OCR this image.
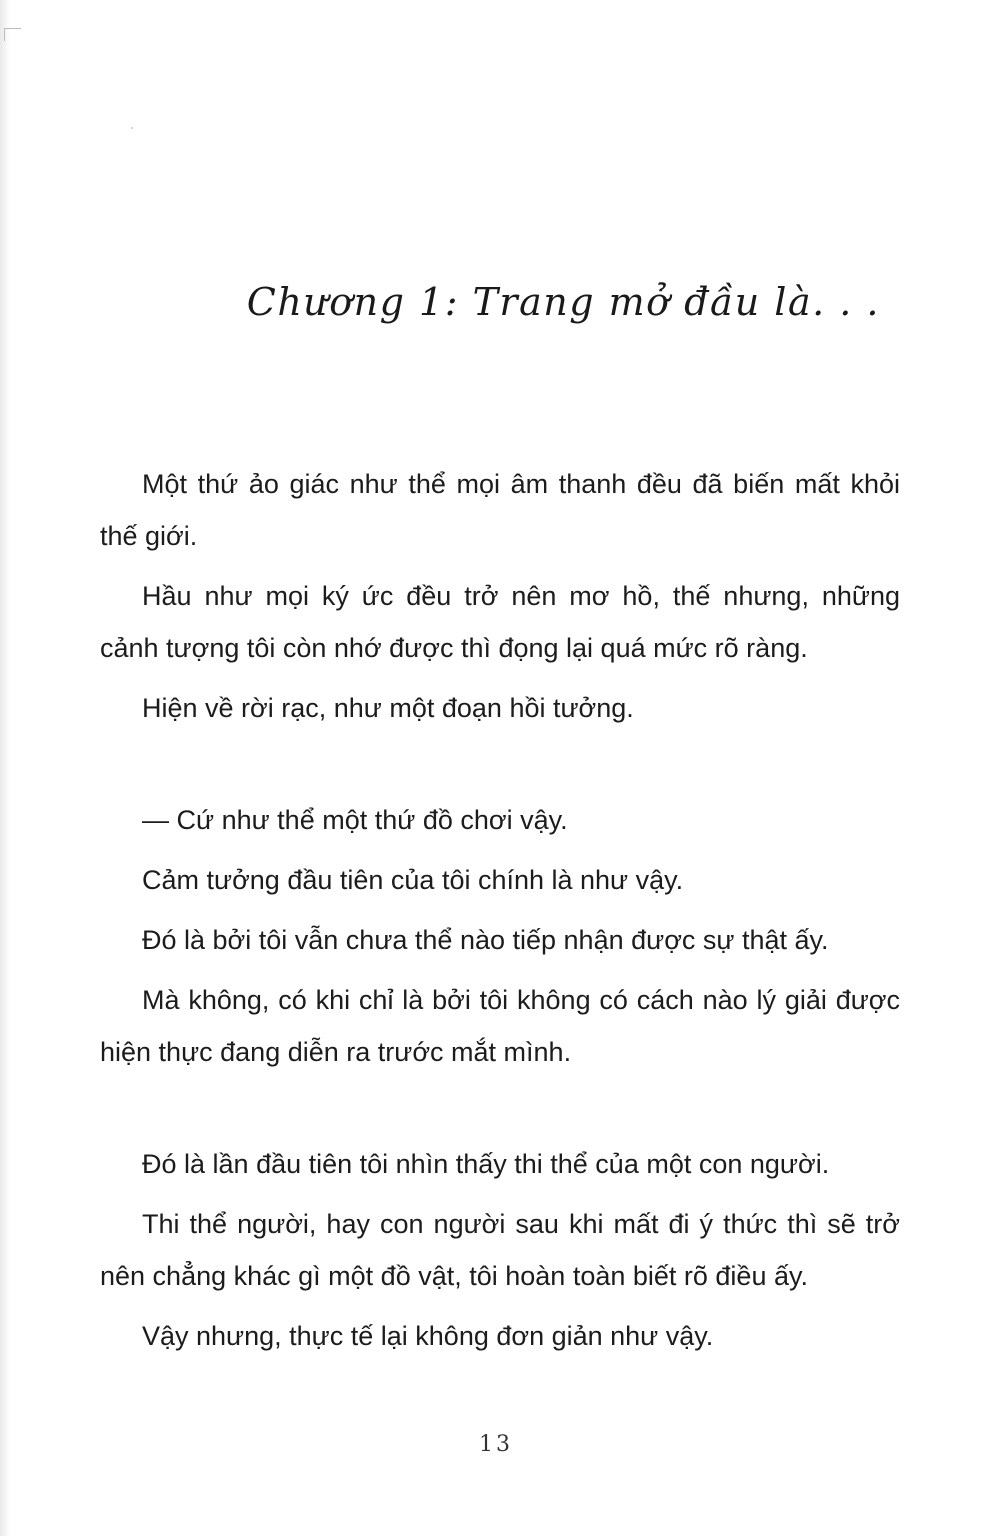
Chương 1: Trang mở đầu là. . .

Một thứ ảo giác như thể mọi âm thanh đều đã biến mất khỏi thế giới.

Hầu như mọi ký ức đều trở nên mơ hồ, thế nhưng, những cảnh tượng tôi còn nhớ được thì đọng lại quá mức rõ ràng.

Hiện về rời rạc, như một đoạn hồi tưởng.

— Cứ như thể một thứ đồ chơi vậy.

Cảm tưởng đầu tiên của tôi chính là như vậy.

Đó là bởi tôi vẫn chưa thể nào tiếp nhận được sự thật ấy.

Mà không, có khi chỉ là bởi tôi không có cách nào lý giải được hiện thực đang diễn ra trước mắt mình.

Đó là lần đầu tiên tôi nhìn thấy thi thể của một con người.

Thi thể người, hay con người sau khi mất đi ý thức thì sẽ trở nên chẳng khác gì một đồ vật, tôi hoàn toàn biết rõ điều ấy.

Vậy nhưng, thực tế lại không đơn giản như vậy.

13
